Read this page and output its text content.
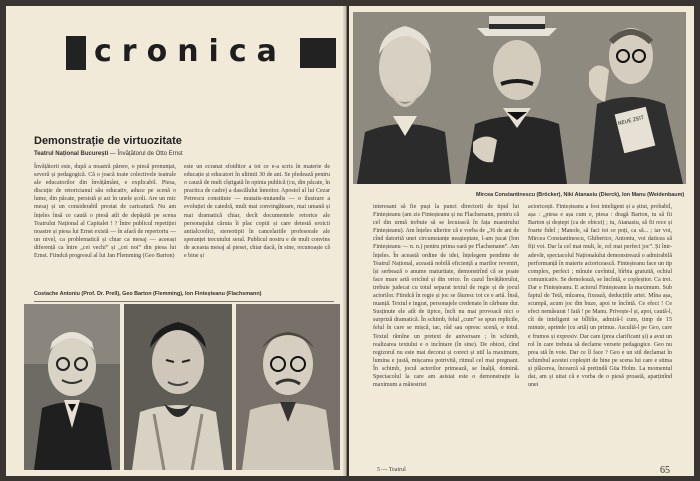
cronica
Demonstrație de virtuozitate
Teatrul Național București — Învățătorul de Otto Ernst
Învățătorii este, după a noastră părere, o piesă pronunțat, severă și pedagogică. Că o joacă toate colectivele teatrale ale educatorilor din învățământ, e explicabil. Piesa, discuție de retoricianul său educativ, aduce pe scenă o lume, din păcate, persistă și azi în unele școli. Are un mic mesaj și un considerabil prestat de caricatură. Nu am înțeles însă ce caută o piesă atît de depășită pe scena Teatrului Național al Capitalei ! ? Între publicul repetiției noastre și piesa lui Ernst există — în afară de repertoriu — un nivel, ca problematică și chiar ca mesaj — aceeași diferență ca între „cei vechi” și „cei noi” din piesa lui Ernst. Fiindcă progresul al lui Jan Flemming (Geo Barton)
este un ecranat sfoiditor a tot ce e-a scris în materie de educație și educatori în ultimii 30 de ani. Se pledează pentru o cauză de mult cîștigată în opinia publică (cu, din păcate, în practica de cadre) a dascălului înnoitor. Apostol al lui Cezar Petrescu constituie — mutatis-mutandis — o ilustrare a evoluției de catedră, mult mai convingătoare, mai umană și mai dramatică chiar, decît documentele retorice ale personajului căruia îi plac copiii și care detestă eroicii antialcoolici, stereotipii în cancelariile profesorale ale speranței trecutului seral. Publicul nostru e de mult convins de aceasta mesaj al piesei, chiar dacă, în sine, recunoaște că e bine și
Costache Antoniu (Prof. Dr. Prell), Geo Barton (Flemming), Ion Finteșteanu (Flachsmann)
NEUE ZEIT
Mircea Constantinescu (Bröcker), Niki Atanasiu (Dierck), Ion Manu (Weidenbaum)
interesant să fie puși la punct directorii de tipul lui Finteșteanu (am zis Finteșteanu și nu Flachsmann, pentru că cel din urmă trebuie să se lecuiască în fața maestrului Finteșteanu). Am înțeles ulterior că e vorba de „36 de ani de cînd datorită unei circumstanțe neașteptate, l-am jucat (Ion Finteșteanu — n. n.) pentru prima oară pe Flachsmann”. Am înțeles. În această ordine de idei, înțelegem pendinte de Teatrul Național, această nobilă eficiență a marilor reveniri, își serbează o anume maturitate, demonstrînd că se poate face mare artă oricînd și din orice. În cazul Învățătorului, trebuie judecat cu totul separat textul de regie și de jocul actorilor. Fiindcă în regie și joc se făuresc tot ce e artă. Însă, nuanță. Textul e ingrat, personajele credenate în cărbune dur. Susținute ele atît de tipice, încît nu mai provoacă nici o surpriză dramatică. În schimb, felul „cum” se spun replicile, felul în care se mișcă, tac, râd sau opresc scenă, e totul. Textul rămîne un pretext de aniversare ; în schimb, realizarea textului e o incîntare (în sine). De obicei, cînd regizorul nu este mai decorat și corect și util la maximum, lumina e justă, mișcarea potrivită, ritmul cel mai pregnant. În schimb, jocul actorilor primează, se înalță, domină. Spectacolul la care am asistat este o demonstrație la maximum a măiestriei
actoricești. Finteșteanu a fost inteligent și a știut, probabil, așa : „piesa e așa cum e, piesa : dragă Barton, tu să fii Barton și deștept (ca de obicei) ; tu, Atanasiu, să fii rece și foarte fidel ; Manole, să faci tot ce poți, ca să... ; iar voi, Mircea Constantinescu, Ghiberico, Antoniu, voi daticea să fiți voi. Dar la cel mai mult, le, cel mai perfect joc”. Și într-adevăr, spectacolul Naționalului demonstrează o admirabilă performanță în materie actoricească. Finteșteanu face un tip complex, perfect ; mînuie cuvîntul, bîrbia gratuită, ochiul comunicativ. Se demolează, se încîntă, e copleșitor. Ca trei. Dar e Finteșteanu. E actorul Finteșteanu la maximum. Sub faptul de Tetă, mîzarea, fixează, deducțiile artei. Mîna așa, scumpă, acum joc din buze, apoi te încîntă. Ce efect ! Ce efect nemăsurat ! Iată ! pe Manu. Privește-l și, apoi, caută-l, cît de inteligent se bîlbîie, admiră-l cum, timp de 15 minute, aprinde (cu artă) un primus. Ascultă-l pe Geo, care e frumos și expresiv. Dar care (prea clarificant și) a avut un rol în care trebuia să declame versete pedagogice. Geo nu prea stă în voie. Dar ce îl face ? Geo e un stil declamat în schimbul acestei copleșiri de bine pe scena lui care e stima și plăcerea, încearcă să pretindă Güa Holm. La momentul dat, am și uitat că e vorba de o piesă proastă, aparținînd unei
5 — Teatrul	65
